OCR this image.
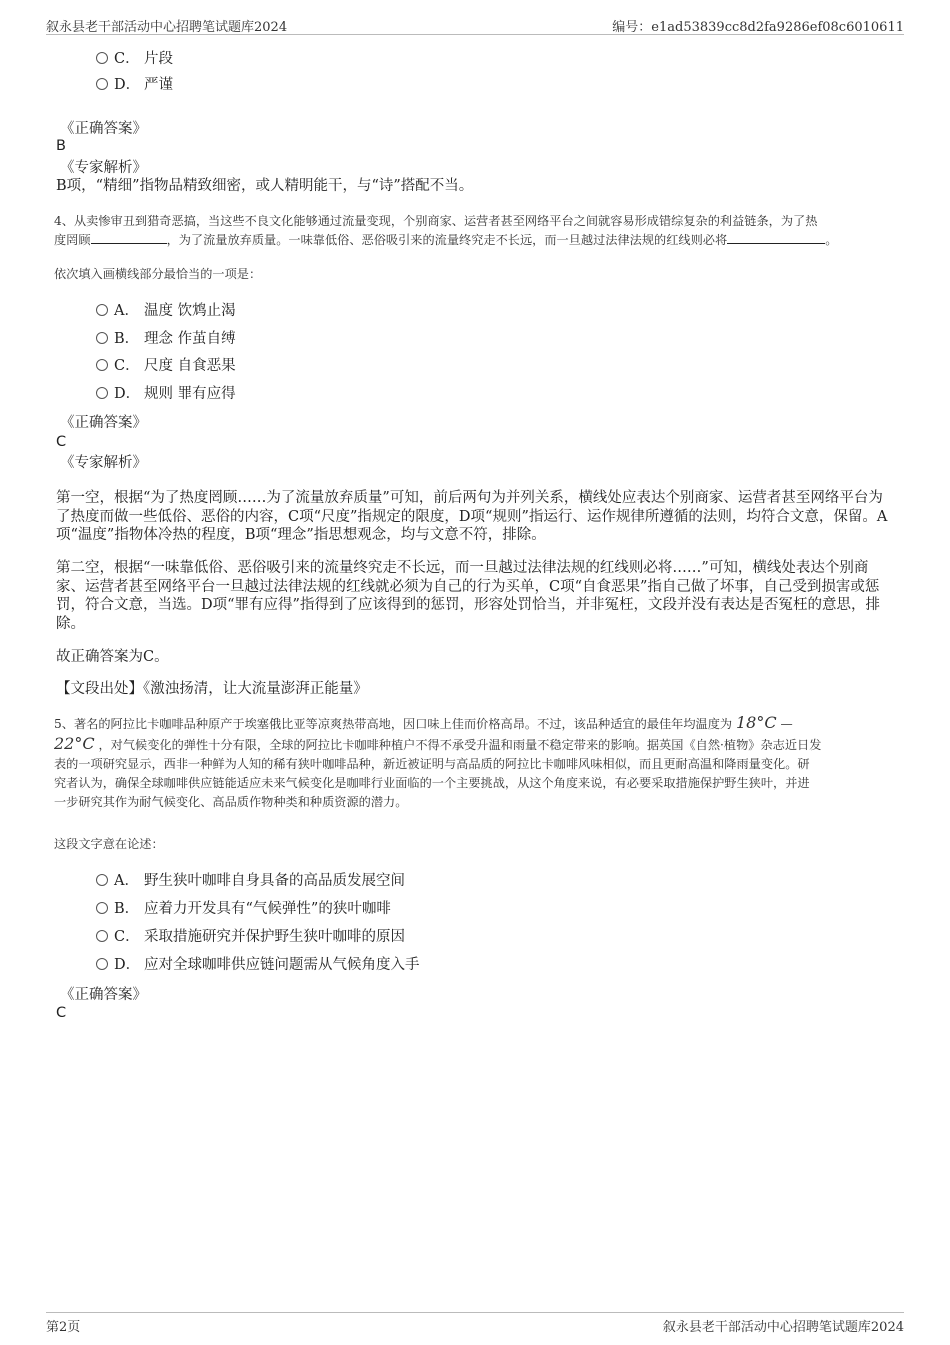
叙永县老干部活动中心招聘笔试题库2024	编号：e1ad53839cc8d2fa9286ef08c6010611
C． 片段
D． 严谨
《正确答案》
B
《专家解析》
B项，“精细”指物品精致细密，或人精明能干，与“诗”搭配不当。
4、从卖惨审丑到猎奇恶搞，当这些不良文化能够通过流量变现，个别商家、运营者甚至网络平台之间就容易形成错综复杂的利益链条，为了热
度罔顾	，为了流量放弃质量。一味靠低俗、恶俗吸引来的流量终究走不长远，而一旦越过法律法规的红线则必将	。
依次填入画横线部分最恰当的一项是：
A． 温度 饮鸩止渴
B． 理念 作茧自缚
C． 尺度 自食恶果
D． 规则 罪有应得
《正确答案》
C
《专家解析》
第一空，根据“为了热度罔顾……为了流量放弃质量”可知，前后两句为并列关系，横线处应表达个别商家、运营者甚至网络平台为了热度而做一些低俗、恶俗的内容，C项“尺度”指规定的限度，D项“规则”指运行、运作规律所遵循的法则，均符合文意，保留。A项“温度”指物体冷热的程度，B项“理念”指思想观念，均与文意不符，排除。
第二空，根据“一味靠低俗、恶俗吸引来的流量终究走不长远，而一旦越过法律法规的红线则必将……”可知，横线处表达个别商家、运营者甚至网络平台一旦越过法律法规的红线就必须为自己的行为买单，C项“自食恶果”指自己做了坏事，自己受到损害或惩罚，符合文意，当选。D项“罪有应得”指得到了应该得到的惩罚，形容处罚恰当，并非冤枉，文段并没有表达是否冤枉的意思，排除。
故正确答案为C。
【文段出处】《激浊扬清，让大流量澎湃正能量》
5、著名的阿拉比卡咖啡品种原产于埃塞俄比亚等凉爽热带高地，因口味上佳而价格高昂。不过，该品种适宜的最佳年均温度为 18°C —
22°C ，对气候变化的弹性十分有限，全球的阿拉比卡咖啡种植户不得不承受升温和雨量不稳定带来的影响。据英国《自然·植物》杂志近日发
表的一项研究显示，西非一种鲜为人知的稀有狭叶咖啡品种，新近被证明与高品质的阿拉比卡咖啡风味相似，而且更耐高温和降雨量变化。研
究者认为，确保全球咖啡供应链能适应未来气候变化是咖啡行业面临的一个主要挑战，从这个角度来说，有必要采取措施保护野生狭叶，并进
一步研究其作为耐气候变化、高品质作物种类和种质资源的潜力。
这段文字意在论述：
A． 野生狭叶咖啡自身具备的高品质发展空间
B． 应着力开发具有“气候弹性”的狭叶咖啡
C． 采取措施研究并保护野生狭叶咖啡的原因
D． 应对全球咖啡供应链问题需从气候角度入手
《正确答案》
C
第2页	叙永县老干部活动中心招聘笔试题库2024
